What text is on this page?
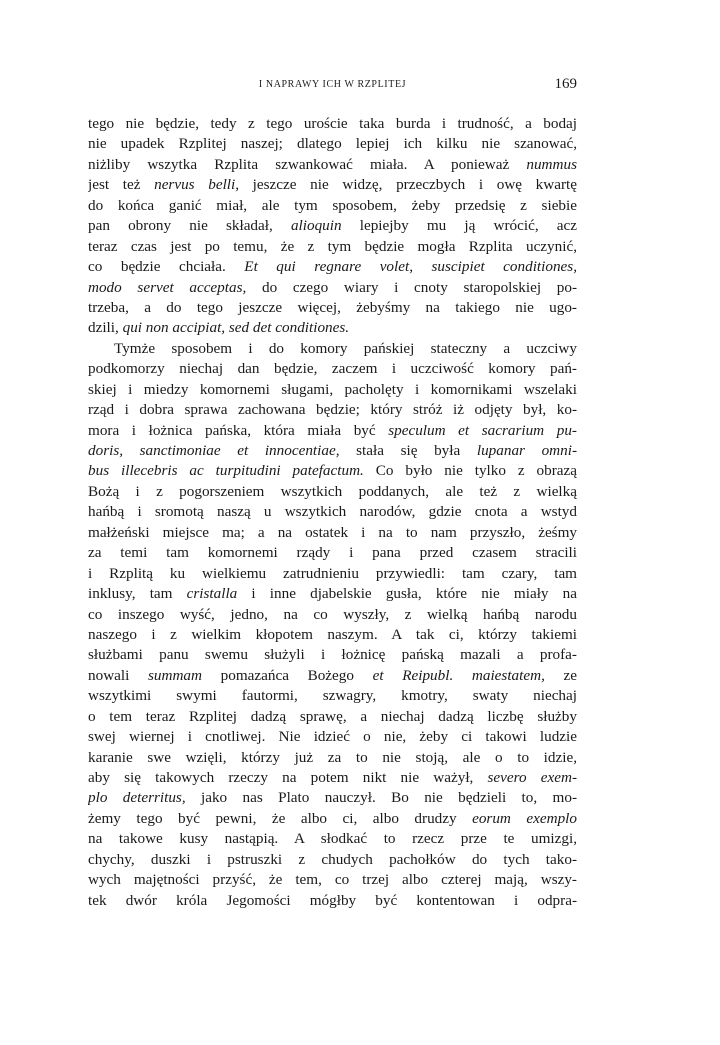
I NAPRAWY ICH W RZPLITEJ	169
tego nie będzie, tedy z tego uroście taka burda i trudność, a bodaj
nie upadek Rzplitej naszej; dlatego lepiej ich kilku nie szanować,
niżliby wszytka Rzplita szwankować miała. A ponieważ nummus
jest też nervus belli, jeszcze nie widzę, przeczbych i owę kwartę
do końca ganić miał, ale tym sposobem, żeby przedsię z siebie
pan obrony nie składał, alioquin lepiejby mu ją wrócić, acz
teraz czas jest po temu, że z tym będzie mogła Rzplita uczynić,
co będzie chciała. Et qui regnare volet, suscipiet conditiones,
modo servet acceptas, do czego wiary i cnoty staropolskiej po-
trzeba, a do tego jeszcze więcej, żebyśmy na takiego nie ugo-
dzili, qui non accipiat, sed det conditiones.
Tymże sposobem i do komory pańskiej stateczny a uczciwy
podkomorzy niechaj dan będzie, zaczem i uczciwość komory pań-
skiej i miedzy komornemi sługami, pacholęty i komornikami wszelaki
rząd i dobra sprawa zachowana będzie; który stróż iż odjęty był, ko-
mora i łożnica pańska, która miała być speculum et sacrarium pu-
doris, sanctimoniae et innocentiae, stała się była lupanar omni-
bus illecebris ac turpitudini patefactum. Co było nie tylko z obrazą
Bożą i z pogorszeniem wszytkich poddanych, ale też z wielką
hańbą i sromotą naszą u wszytkich narodów, gdzie cnota a wstyd
małżeński miejsce ma; a na ostatek i na to nam przyszło, żeśmy
za temi tam komornemi rządy i pana przed czasem stracili
i Rzplitą ku wielkiemu zatrudnieniu przywiedli: tam czary, tam
inklusy, tam cristalla i inne djabelskie gusła, które nie miały na
co inszego wyść, jedno, na co wyszły, z wielką hańbą narodu
naszego i z wielkim kłopotem naszym. A tak ci, którzy takiemi
służbami panu swemu służyli i łożnicę pańską mazali a profa-
nowali summam pomazańca Bożego et Reipubl. maiestatem, ze
wszytkimi swymi fautormi, szwagry, kmotry, swaty niechaj
o tem teraz Rzplitej dadzą sprawę, a niechaj dadzą liczbę służby
swej wiernej i cnotliwej. Nie idzieć o nie, żeby ci takowi ludzie
karanie swe wzięli, którzy już za to nie stoją, ale o to idzie,
aby się takowych rzeczy na potem nikt nie ważył, severo exem-
plo deterritus, jako nas Plato nauczył. Bo nie będzieli to, mo-
żemy tego być pewni, że albo ci, albo drudzy eorum exemplo
na takowe kusy nastąpią. A słodkać to rzecz prze te umizgi,
chychy, duszki i pstruszki z chudych pachołków do tych tako-
wych majętności przyść, że tem, co trzej albo czterej mają, wszy-
tek dwór króla Jegomości mógłby być kontentowan i odpra-
